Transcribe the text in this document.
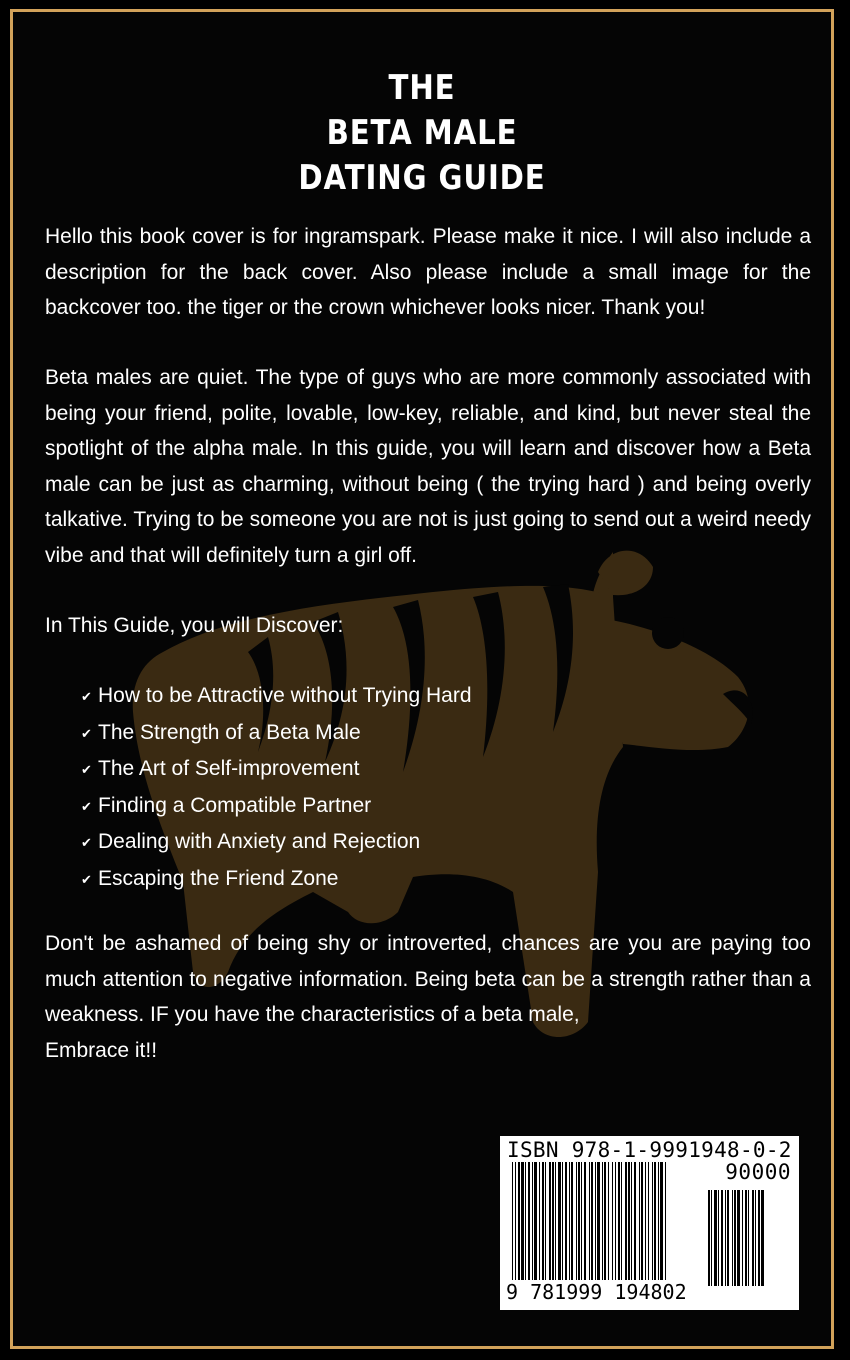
THE
BETA MALE
DATING GUIDE

Hello this book cover is for ingramspark. Please make it nice. I will also include a description for the back cover. Also please include a small image for the backcover too. the tiger or the crown whichever looks nicer. Thank you!

Beta males are quiet. The type of guys who are more commonly associated with being your friend, polite, lovable, low-key, reliable, and kind, but never steal the spotlight of the alpha male. In this guide, you will learn and discover how a Beta male can be just as charming, without being ( the trying hard ) and being overly talkative. Trying to be someone you are not is just going to send out a weird needy vibe and that will definitely turn a girl off.

In This Guide, you will Discover:

✔ How to be Attractive without Trying Hard
✔ The Strength of a Beta Male
✔ The Art of Self-improvement
✔ Finding a Compatible Partner
✔ Dealing with Anxiety and Rejection
✔ Escaping the Friend Zone
Don't be ashamed of being shy or introverted, chances are you are paying too much attention to negative information. Being beta can be a strength rather than a weakness. IF you have the characteristics of a beta male,
Embrace it!!
ISBN 978-1-9991948-0-2
90000
9 781999 194802
